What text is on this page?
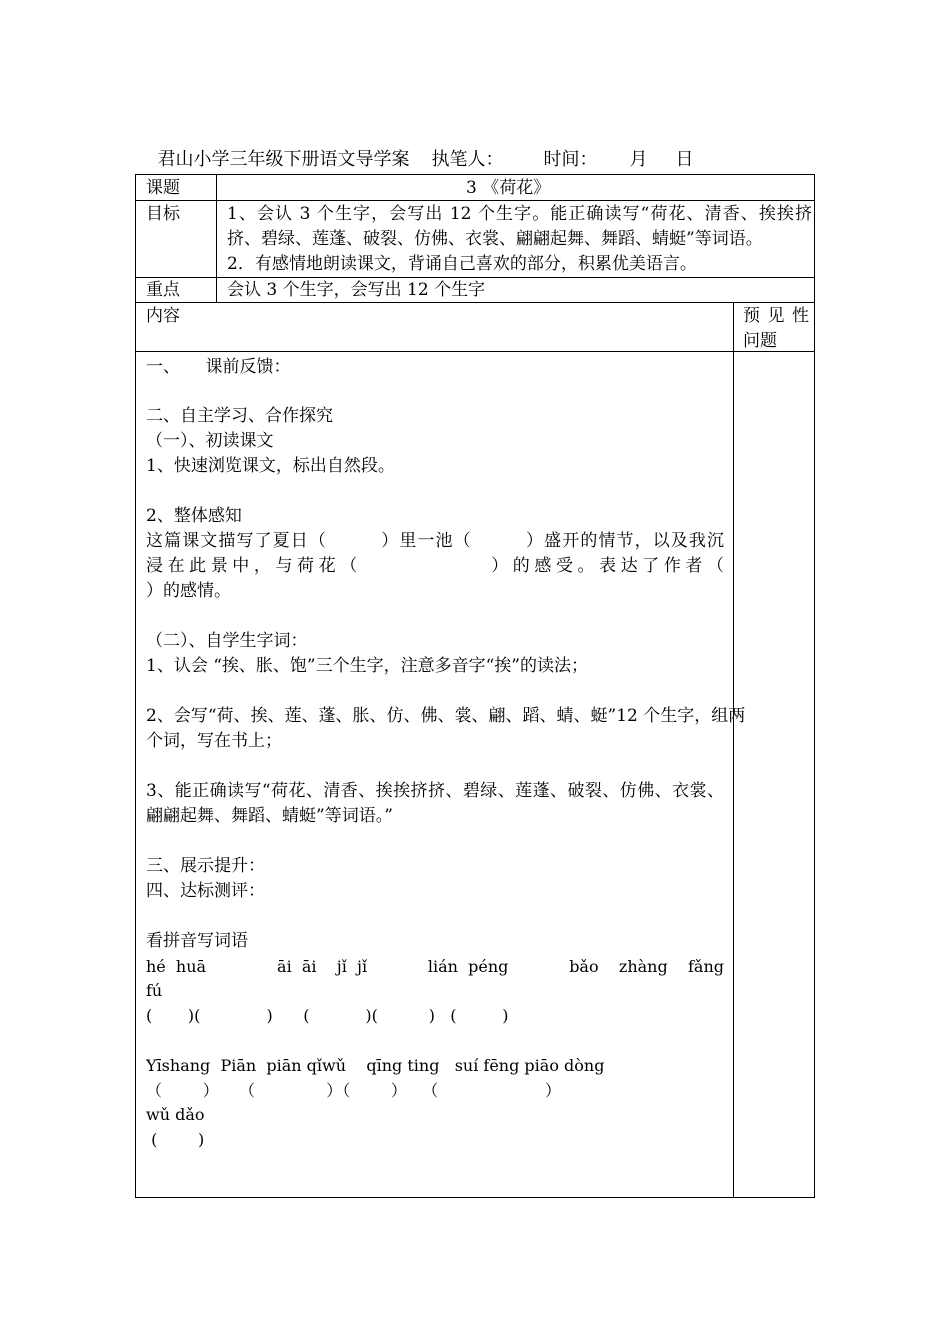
君山小学三年级下册语文导学案 执笔人： 时间： 月 日

课题	3 《荷花》
目标	1、会认 3 个生字，会写出 12 个生字。能正确读写“荷花、清香、挨挨挤
挤、碧绿、莲蓬、破裂、仿佛、衣裳、翩翩起舞、舞蹈、蜻蜓”等词语。
2．有感情地朗读课文，背诵自己喜欢的部分，积累优美语言。
重点	会认 3 个生字，会写出 12 个生字
内容	预见性
问题
一、　　课前反馈：
二、自主学习、合作探究
（一）、初读课文
1、快速浏览课文，标出自然段。
2、整体感知
这篇课文描写了夏日（　　　）里一池（　　　）盛开的情节，以及我沉
浸在此景中，与荷花（　　　　　　）的感受。表达了作者（
）的感情。
（二）、自学生字词：
1、认会 “挨、胀、饱”三个生字，注意多音字“挨”的读法；
2、会写“荷、挨、莲、蓬、胀、仿、佛、裳、翩、蹈、蜻、蜓”12 个生字，组两
个词，写在书上；
3、能正确读写“荷花、清香、挨挨挤挤、碧绿、莲蓬、破裂、仿佛、衣裳、
翩翩起舞、舞蹈、蜻蜓”等词语。”
三、展示提升：
四、达标测评：
看拼音写词语
hé huā       āi āi  jǐ jǐ      lián péng      bǎo  zhàng  fǎng
fú
(       )(             )      (           )(          )   (         )
Yīshang  Piān  piān qǐwǔ    qīng ting   suí fēng piāo dòng
（        ）    （              ）（        ）   （                     ）
wǔ dǎo
(        )
